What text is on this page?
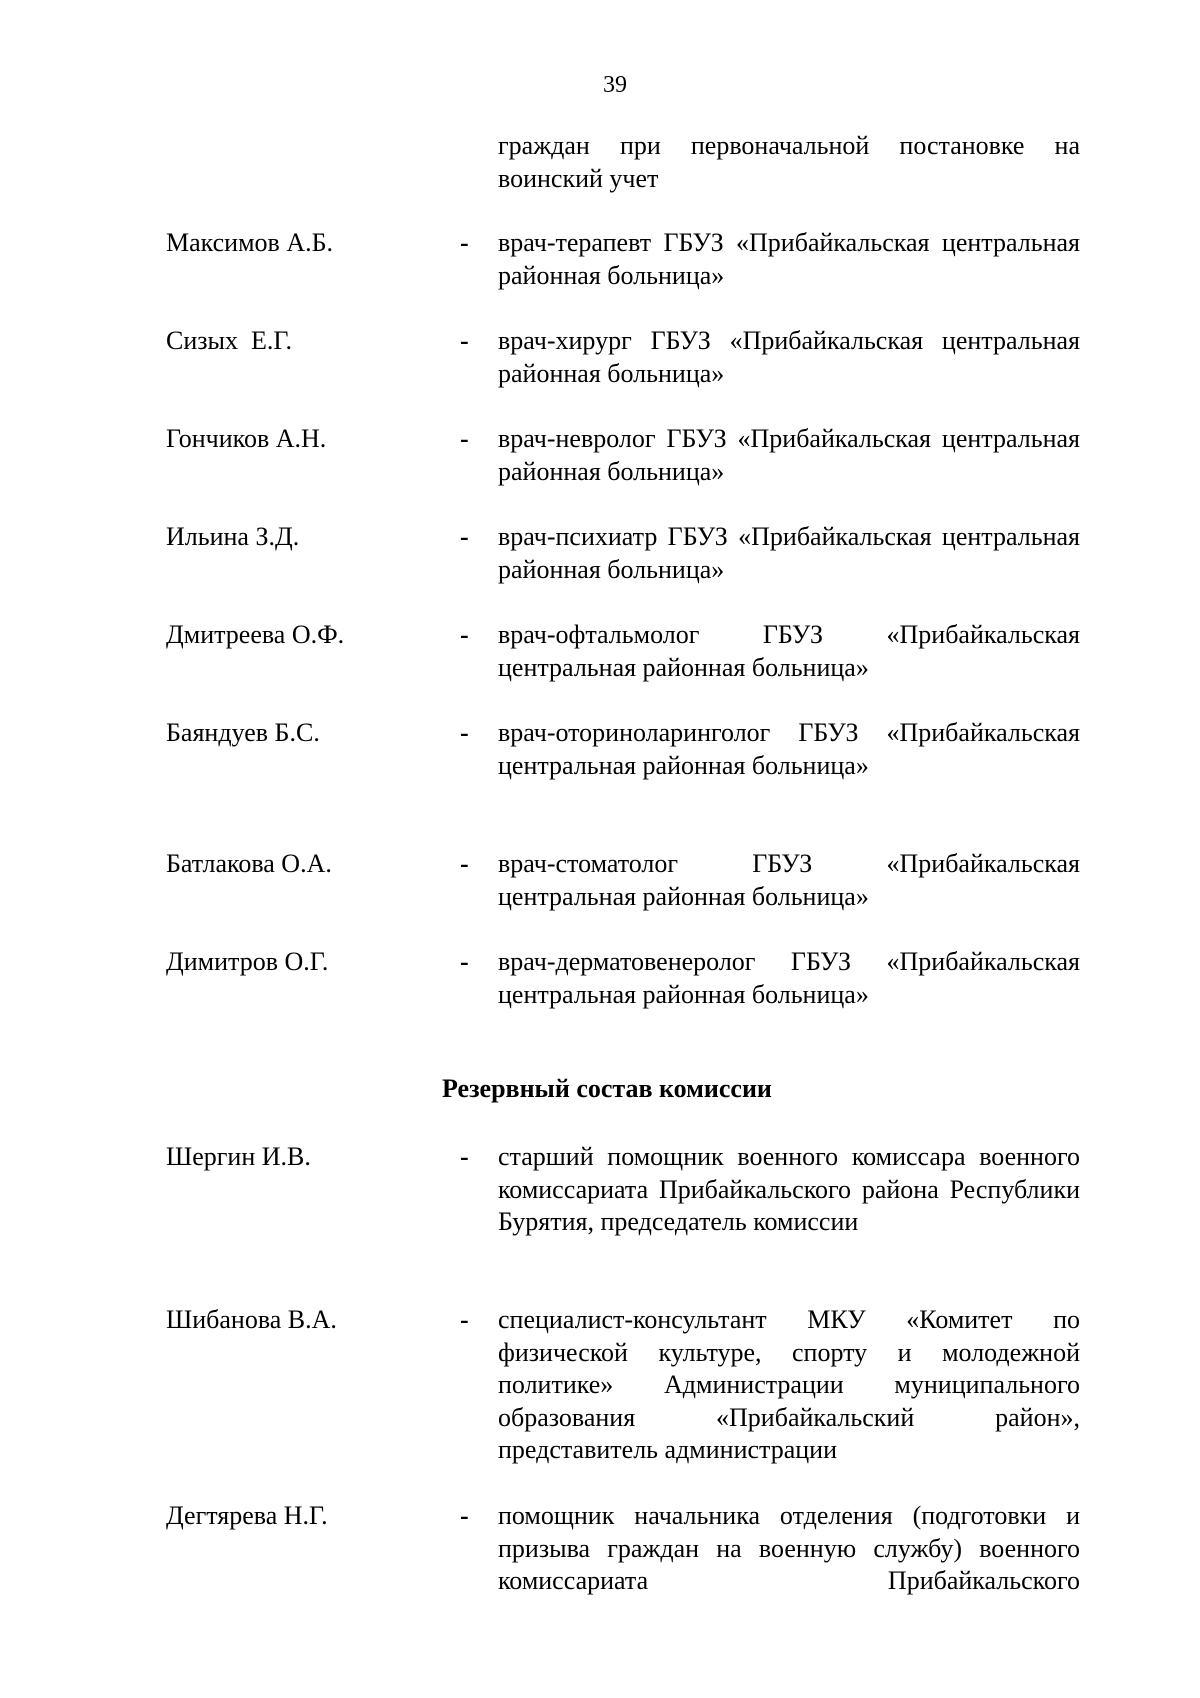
39
граждан при первоначальной постановке на воинский учет
Максимов А.Б.	- врач-терапевт ГБУЗ «Прибайкальская центральная районная больница»
Сизых  Е.Г.	- врач-хирург ГБУЗ «Прибайкальская центральная районная больница»
Гончиков А.Н.	- врач-невролог ГБУЗ «Прибайкальская центральная районная больница»
Ильина З.Д.	- врач-психиатр ГБУЗ «Прибайкальская центральная районная больница»
Дмитреева О.Ф.	- врач-офтальмолог ГБУЗ «Прибайкальская центральная районная больница»
Баяндуев Б.С.	- врач-оториноларинголог ГБУЗ «Прибайкальская центральная районная больница»
Батлакова О.А.	- врач-стоматолог ГБУЗ «Прибайкальская центральная районная больница»
Димитров О.Г.	- врач-дерматовенеролог ГБУЗ «Прибайкальская центральная районная больница»
Резервный состав комиссии
Шергин И.В.	- старший помощник военного комиссара военного комиссариата Прибайкальского района Республики Бурятия, председатель комиссии
Шибанова В.А.	- специалист-консультант МКУ «Комитет по физической культуре, спорту и молодежной политике» Администрации муниципального образования «Прибайкальский район», представитель администрации
Дегтярева Н.Г.	- помощник начальника отделения (подготовки и призыва граждан на военную службу) военного комиссариата Прибайкальского
